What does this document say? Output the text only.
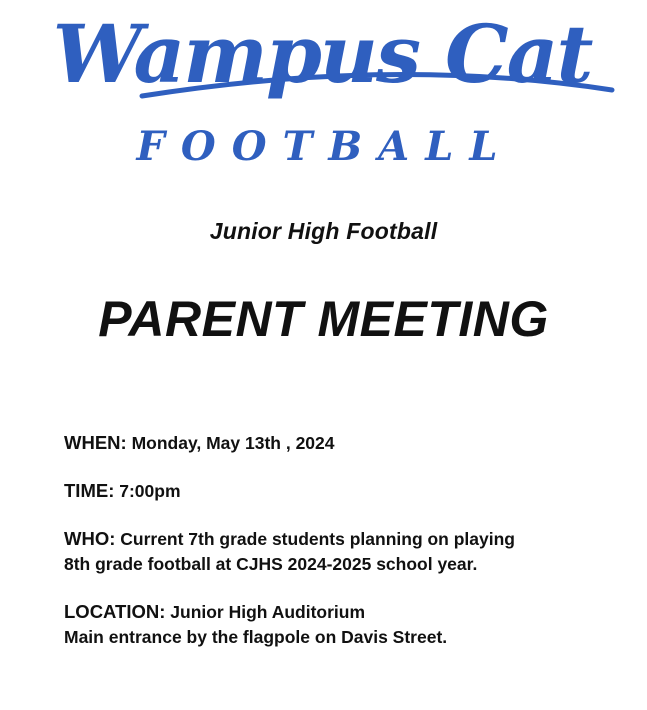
Wampus Cat
FOOTBALL
Junior High Football
PARENT MEETING

WHEN: Monday, May 13th , 2024

TIME: 7:00pm

WHO: Current 7th grade students planning on playing
8th grade football at CJHS 2024-2025 school year.

LOCATION: Junior High Auditorium
Main entrance by the flagpole on Davis Street.
